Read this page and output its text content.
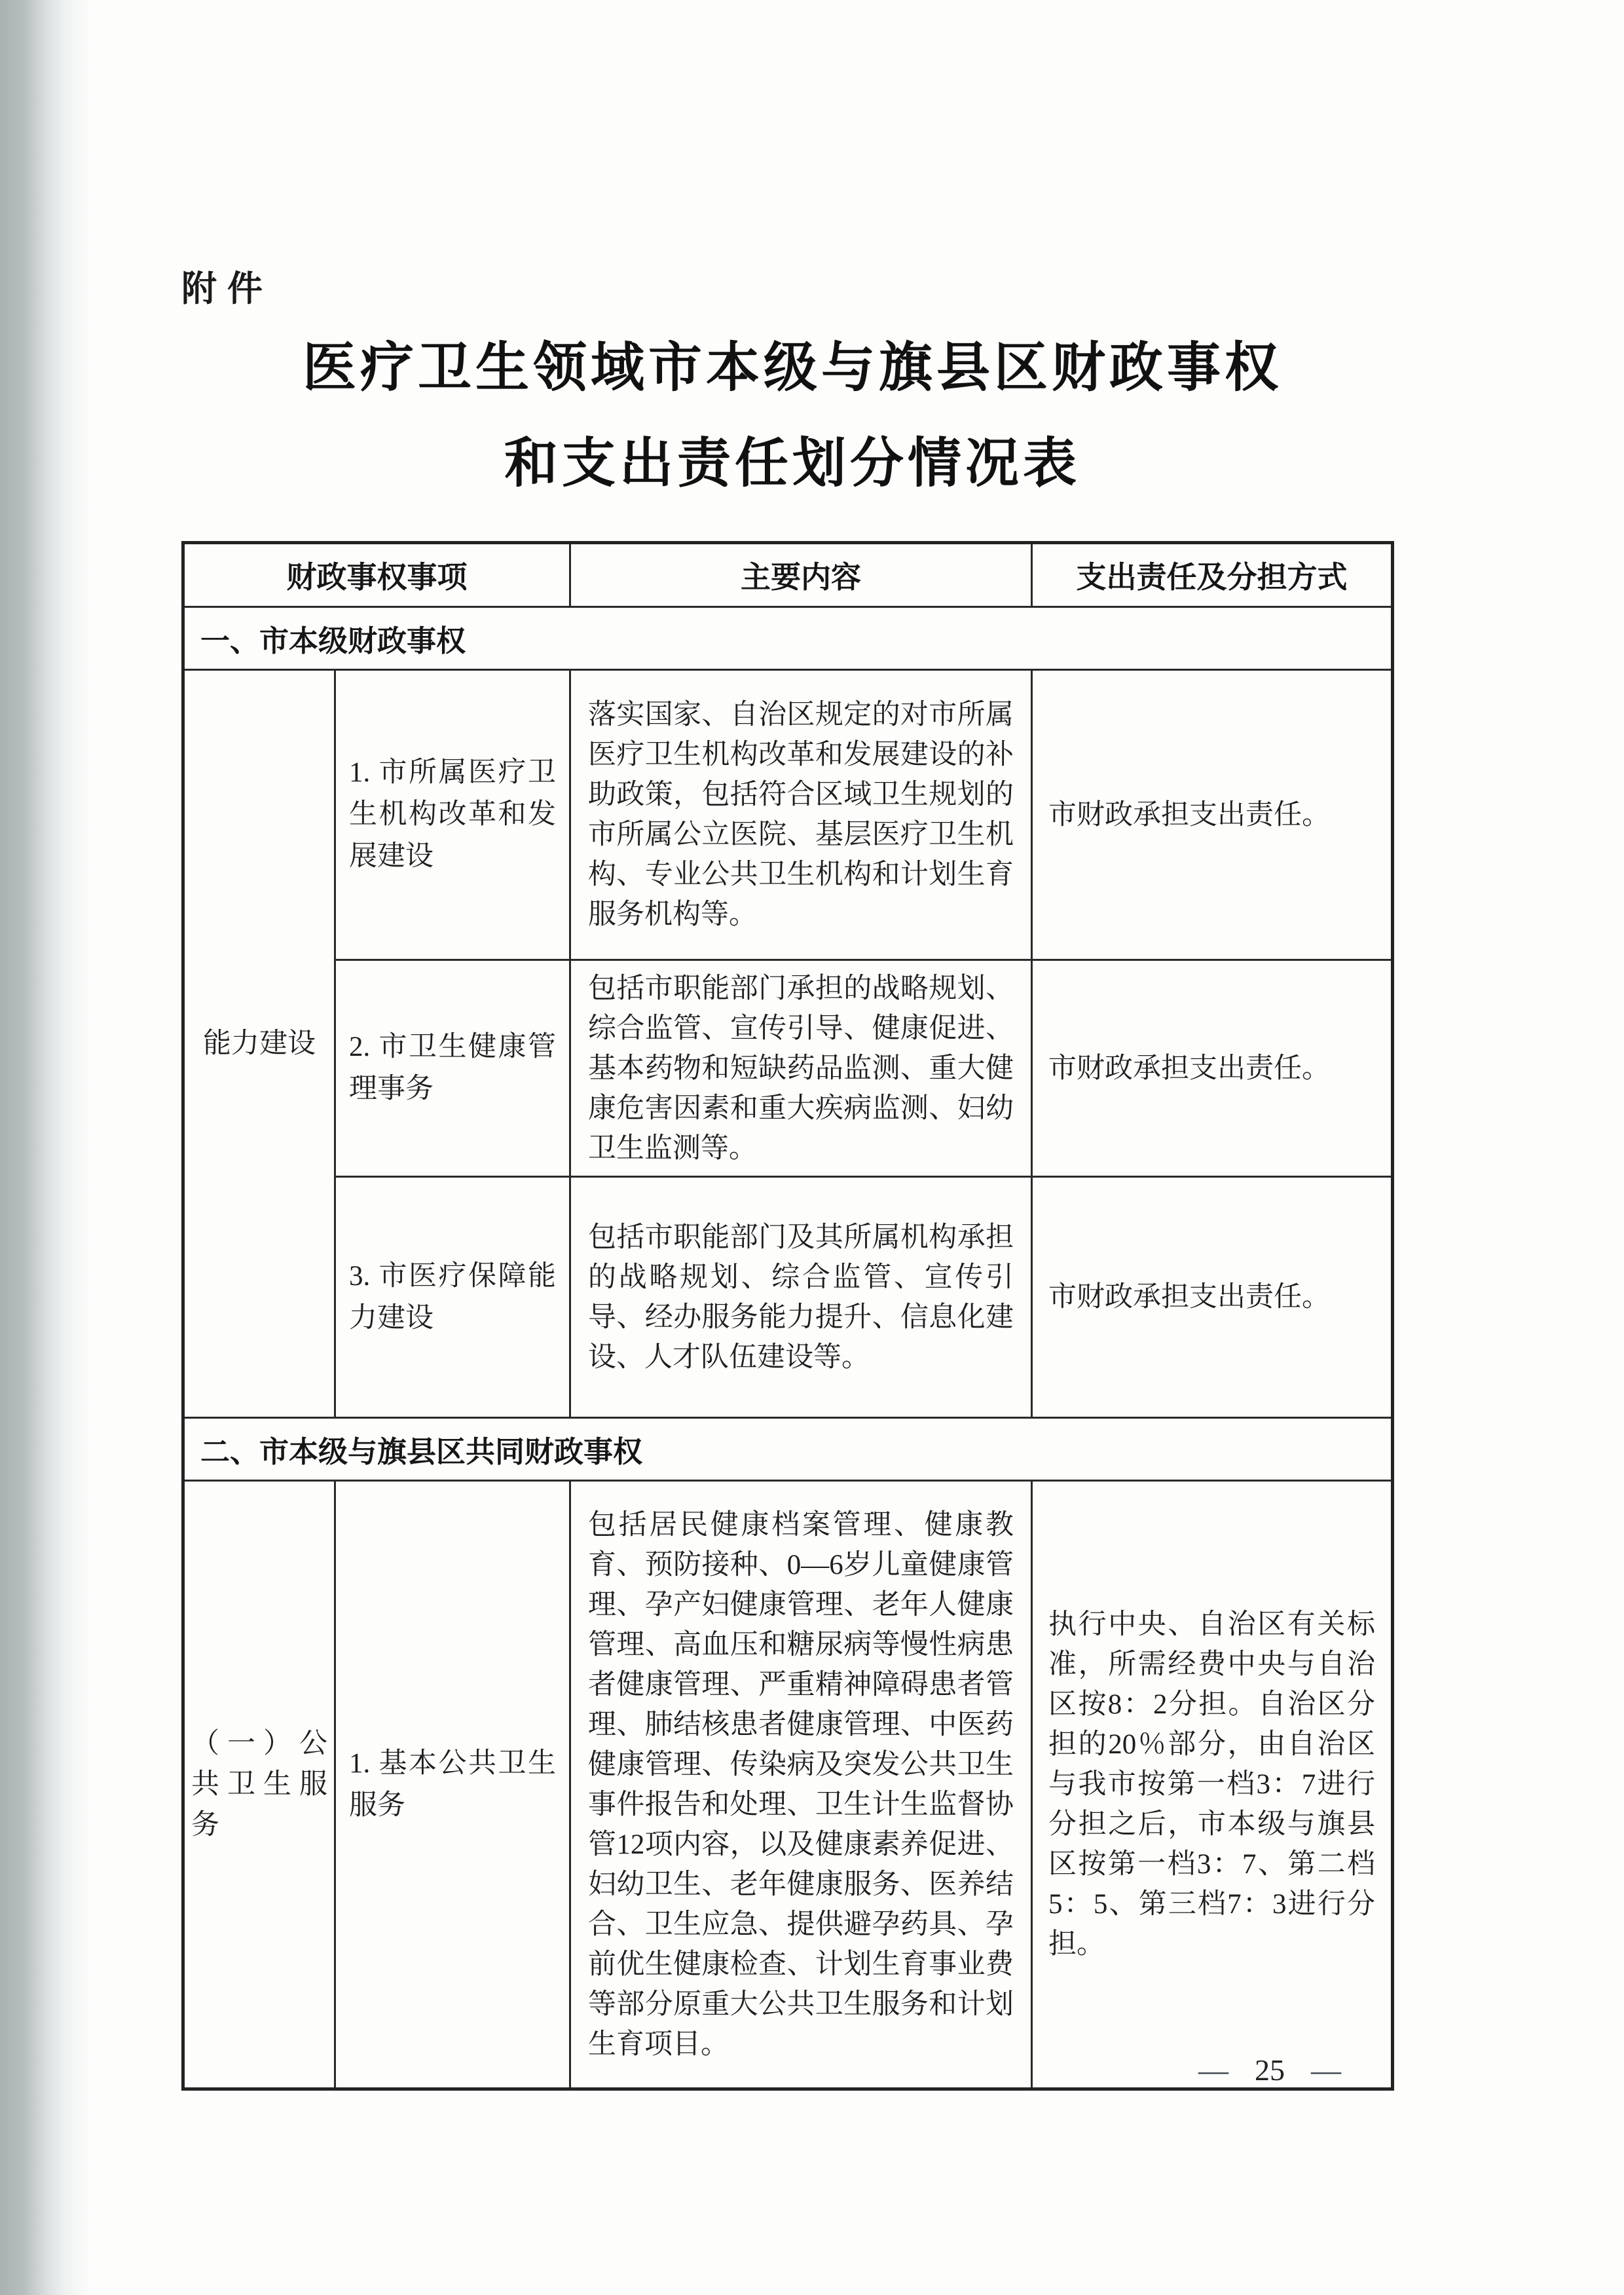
附件
医疗卫生领域市本级与旗县区财政事权
和支出责任划分情况表
财政事权事项		主要内容	支出责任及分担方式
一、市本级财政事权			
能力建设	1. 市所属医疗卫生机构改革和发展建设	落实国家、自治区规定的对市所属医疗卫生机构改革和发展建设的补助政策，包括符合区域卫生规划的市所属公立医院、基层医疗卫生机构、专业公共卫生机构和计划生育服务机构等。	市财政承担支出责任。
	2. 市卫生健康管理事务	包括市职能部门承担的战略规划、综合监管、宣传引导、健康促进、基本药物和短缺药品监测、重大健康危害因素和重大疾病监测、妇幼卫生监测等。	市财政承担支出责任。
	3. 市医疗保障能力建设	包括市职能部门及其所属机构承担的战略规划、综合监管、宣传引导、经办服务能力提升、信息化建设、人才队伍建设等。	市财政承担支出责任。
二、市本级与旗县区共同财政事权			
（一）公共卫生服务	1. 基本公共卫生服务	包括居民健康档案管理、健康教育、预防接种、0—6岁儿童健康管理、孕产妇健康管理、老年人健康管理、高血压和糖尿病等慢性病患者健康管理、严重精神障碍患者管理、肺结核患者健康管理、中医药健康管理、传染病及突发公共卫生事件报告和处理、卫生计生监督协管12项内容，以及健康素养促进、妇幼卫生、老年健康服务、医养结合、卫生应急、提供避孕药具、孕前优生健康检查、计划生育事业费等部分原重大公共卫生服务和计划生育项目。	执行中央、自治区有关标准，所需经费中央与自治区按8：2分担。自治区分担的20％部分，由自治区与我市按第一档3：7进行分担之后，市本级与旗县区按第一档3：7、第二档5：5、第三档7：3进行分担。
— 25 —
